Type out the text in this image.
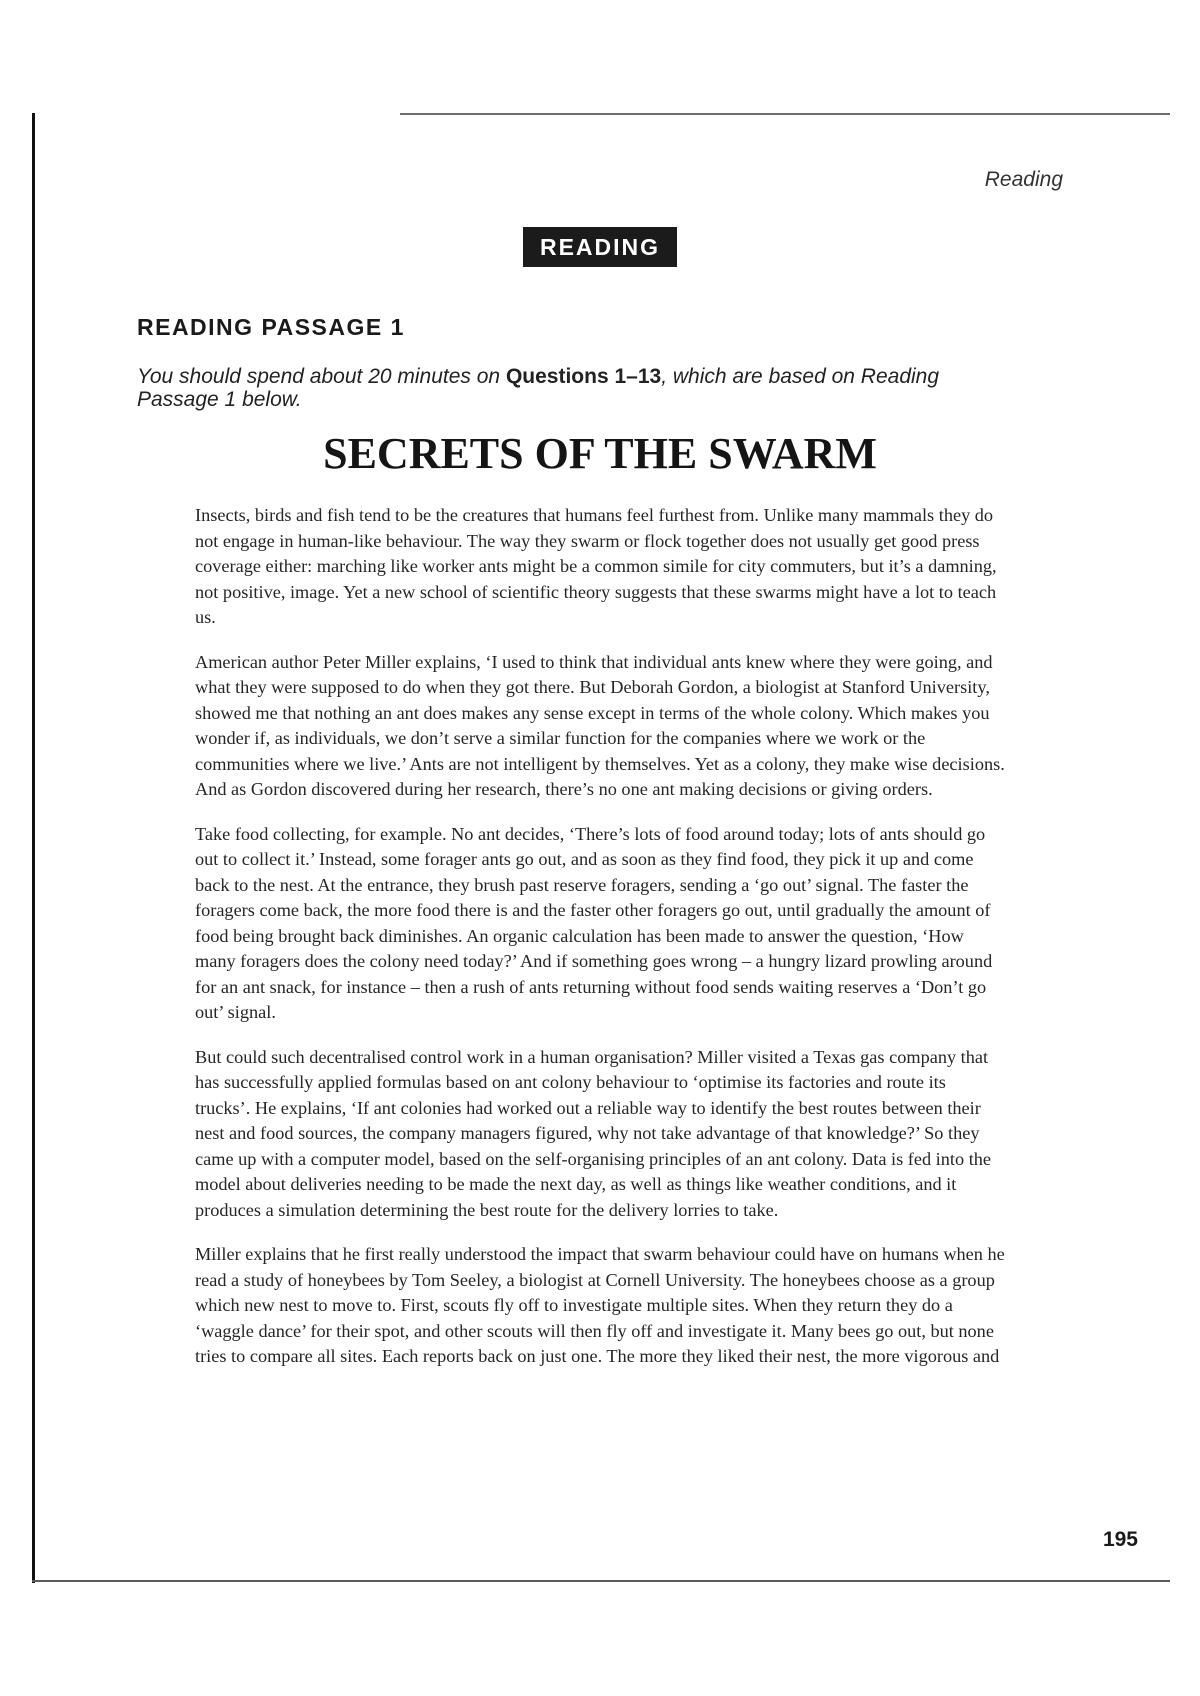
Reading
READING
READING PASSAGE 1
You should spend about 20 minutes on Questions 1–13, which are based on Reading Passage 1 below.
SECRETS OF THE SWARM

Insects, birds and fish tend to be the creatures that humans feel furthest from. Unlike many mammals they do not engage in human-like behaviour. The way they swarm or flock together does not usually get good press coverage either: marching like worker ants might be a common simile for city commuters, but it’s a damning, not positive, image. Yet a new school of scientific theory suggests that these swarms might have a lot to teach us.

American author Peter Miller explains, ‘I used to think that individual ants knew where they were going, and what they were supposed to do when they got there. But Deborah Gordon, a biologist at Stanford University, showed me that nothing an ant does makes any sense except in terms of the whole colony. Which makes you wonder if, as individuals, we don’t serve a similar function for the companies where we work or the communities where we live.’ Ants are not intelligent by themselves. Yet as a colony, they make wise decisions. And as Gordon discovered during her research, there’s no one ant making decisions or giving orders.

Take food collecting, for example. No ant decides, ‘There’s lots of food around today; lots of ants should go out to collect it.’ Instead, some forager ants go out, and as soon as they find food, they pick it up and come back to the nest. At the entrance, they brush past reserve foragers, sending a ‘go out’ signal. The faster the foragers come back, the more food there is and the faster other foragers go out, until gradually the amount of food being brought back diminishes. An organic calculation has been made to answer the question, ‘How many foragers does the colony need today?’ And if something goes wrong – a hungry lizard prowling around for an ant snack, for instance – then a rush of ants returning without food sends waiting reserves a ‘Don’t go out’ signal.

But could such decentralised control work in a human organisation? Miller visited a Texas gas company that has successfully applied formulas based on ant colony behaviour to ‘optimise its factories and route its trucks’. He explains, ‘If ant colonies had worked out a reliable way to identify the best routes between their nest and food sources, the company managers figured, why not take advantage of that knowledge?’ So they came up with a computer model, based on the self-organising principles of an ant colony. Data is fed into the model about deliveries needing to be made the next day, as well as things like weather conditions, and it produces a simulation determining the best route for the delivery lorries to take.

Miller explains that he first really understood the impact that swarm behaviour could have on humans when he read a study of honeybees by Tom Seeley, a biologist at Cornell University. The honeybees choose as a group which new nest to move to. First, scouts fly off to investigate multiple sites. When they return they do a ‘waggle dance’ for their spot, and other scouts will then fly off and investigate it. Many bees go out, but none tries to compare all sites. Each reports back on just one. The more they liked their nest, the more vigorous and

195
